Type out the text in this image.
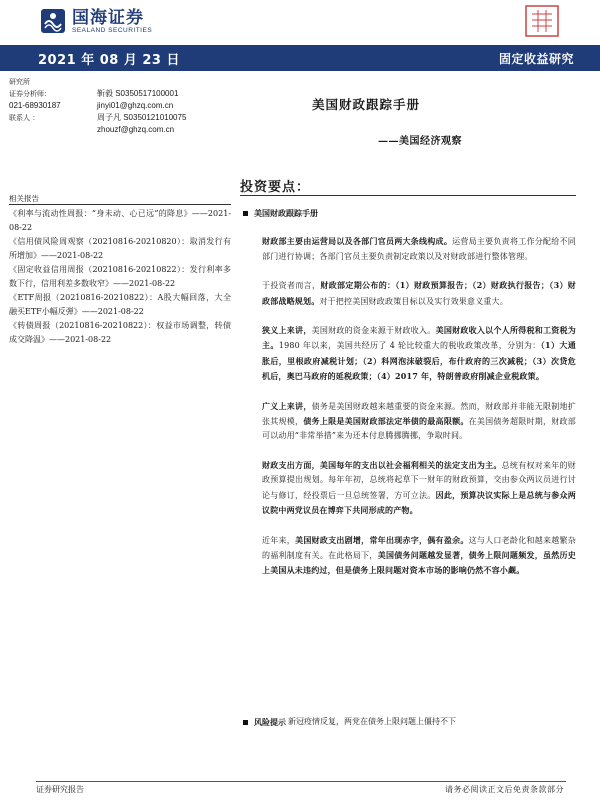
国海证券
SEALAND SECURITIES
2021 年 08 月 23 日	固定收益研究
研究所
证券分析师：	靳毅 S0350517100001
021-68930187	jinyi01@ghzq.com.cn
联系人 ：	周子凡 S0350121010075
zhouzf@ghzq.com.cn
美国财政跟踪手册
——美国经济观察
相关报告
《利率与流动性周报：“身未动、心已远”的降息》——2021-08-22
《信用债风险周观察（20210816-20210820）：取消发行有所增加》——2021-08-22
《固定收益信用周报（20210816-20210822）：发行利率多数下行，信用利差多数收窄》——2021-08-22
《ETF周报（20210816-20210822）：A股大幅回落，大全融买ETF小幅反弹》——2021-08-22
《转债周报（20210816-20210822）：权益市场调整，转债成交降温》——2021-08-22
投资要点：
美国财政跟踪手册
财政部主要由运营局以及各部门官员两大条线构成。运营局主要负责将工作分配给不同部门进行协调；各部门官员主要负责制定政策以及对财政部进行整体管理。
于投资者而言，财政部定期公布的：（1）财政预算报告；（2）财政执行报告；（3）财政部战略规划。对于把控美国财政政策目标以及实行效果意义重大。
狭义上来讲，美国财政的资金来源于财政收入。美国财政收入以个人所得税和工资税为主。1980 年以来，美国共经历了 4 轮比较重大的税收政策改革，分别为：（1）大通胀后，里根政府减税计划；（2）科网泡沫破裂后，布什政府的三次减税；（3）次贷危机后，奥巴马政府的延税政策；（4）2017 年，特朗普政府削减企业税政策。
广义上来讲，债务是美国财政越来越重要的资金来源。然而，财政部并非能无限制地扩张其规模，债务上限是美国财政部法定举债的最高限额。在美国债务超限时期，财政部可以动用“非常举措”来为还本付息腾挪腾挪，争取时间。
财政支出方面，美国每年的支出以社会福利相关的法定支出为主。总统有权对来年的财政预算提出规划。每年年初，总统将起草下一财年的财政预算，交由参众两议员进行讨论与修订，经投票后一旦总统签署，方可立法。因此，预算决议实际上是总统与参众两议院中两党议员在博弈下共同形成的产物。
近年来，美国财政支出剧增，常年出现赤字，偶有盈余。这与人口老龄化和越来越繁杂的福利制度有关。在此格局下，美国债务问题越发显著，债务上限问题频发，虽然历史上美国从未违约过，但是债务上限问题对资本市场的影响仍然不容小觑。
风险提示 新冠疫情反复，两党在债务上限问题上僵持不下
证券研究报告	请务必阅读正文后免责条款部分
